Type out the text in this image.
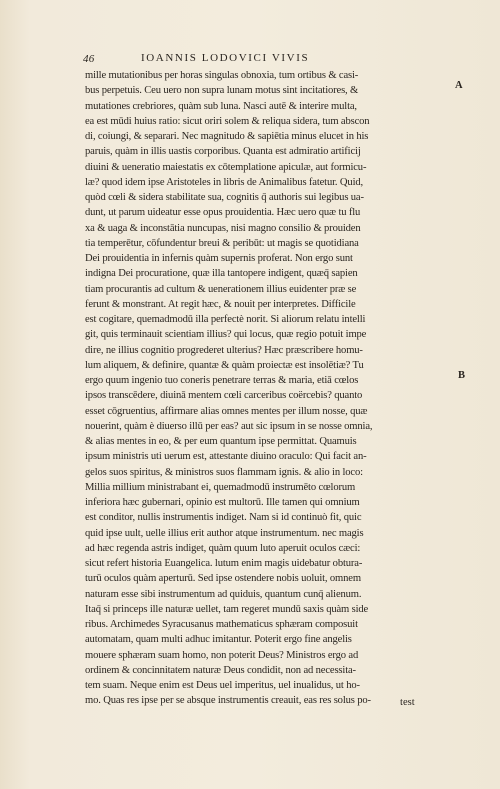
46	IOANNIS LODOVICI VIVIS
A
B
mille mutationibus per horas singulas obnoxia, tum ortibus & casi-
bus perpetuis. Ceu uero non supra lunam motus sint incitatiores, &
mutationes crebriores, quàm sub luna. Nasci autē & interire multa,
ea est mūdi huius ratio: sicut oriri solem & reliqua sidera, tum abscon
di, coiungi, & separari. Nec magnitudo & sapiētia minus elucet in his
paruis, quàm in illis uastis corporibus. Quanta est admiratio artificij
diuini & ueneratio maiestatis ex cōtemplatione apiculæ, aut formicu-
læ? quod idem ipse Aristoteles in libris de Animalibus fatetur. Quid,
quòd cœli & sidera stabilitate sua, cognitis q̄ authoris sui legibus ua-
dunt, ut parum uideatur esse opus prouidentia. Hæc uero quæ tu flu
xa & uaga & inconstātia nuncupas, nisi magno consilio & prouiden
tia temperētur, cōfundentur breui & peribūt: ut magis se quotidiana
Dei prouidentia in infernis quàm supernis proferat. Non ergo sunt
indigna Dei procuratione, quæ illa tantopere indigent, quæq̄ sapien
tiam procurantis ad cultum & uenerationem illius euidenter præ se
ferunt & monstrant. At regit hæc, & nouit per interpretes. Difficile
est cogitare, quemadmodū illa perfectè norit. Si aliorum relatu intelli
git, quis terminauit scientiam illius? qui locus, quæ regio potuit impe
dire, ne illius cognitio progrederet ulterius? Hæc præscribere homu-
lum aliquem, & definire, quantæ & quàm proiectæ est insolētiæ? Tu
ergo quum ingenio tuo coneris penetrare terras & maria, etiā cœlos
ipsos transcēdere, diuinā mentem cœli carceribus coërcebis? quanto
esset cōgruentius, affirmare alias omnes mentes per illum nosse, quæ
nouerint, quàm è diuerso illū per eas? aut sic ipsum in se nosse omnia,
& alias mentes in eo, & per eum quantum ipse permittat. Quamuis
ipsum ministris uti uerum est, attestante diuino oraculo: Qui facit an-
gelos suos spiritus, & ministros suos flammam ignis. & alio in loco:
Millia millium ministrabant ei, quemadmodū instrumēto cœlorum
inferiora hæc gubernari, opinio est multorū. Ille tamen qui omnium
est conditor, nullis instrumentis indiget. Nam si id continuò fit, quic
quid ipse uult, uelle illius erit author atque instrumentum. nec magis
ad hæc regenda astris indiget, quàm quum luto aperuit oculos cæci:
sicut refert historia Euangelica. lutum enim magis uidebatur obtura-
turū oculos quàm aperturū. Sed ipse ostendere nobis uoluit, omnem
naturam esse sibi instrumentum ad quiduis, quantum cunq̄ alienum.
Itaq̄ si princeps ille naturæ uellet, tam regeret mundū saxis quàm side
ribus. Archimedes Syracusanus mathematicus sphæram composuit
automatam, quam multi adhuc imitantur. Poterit ergo fine angelis
mouere sphæram suam homo, non poterit Deus? Ministros ergo ad
ordinem & concinnitatem naturæ Deus condidit, non ad necessita-
tem suam. Neque enim est Deus uel imperitus, uel inualidus, ut ho-
mo. Quas res ipse per se absque instrumentis creauit, eas res solus po-	test
